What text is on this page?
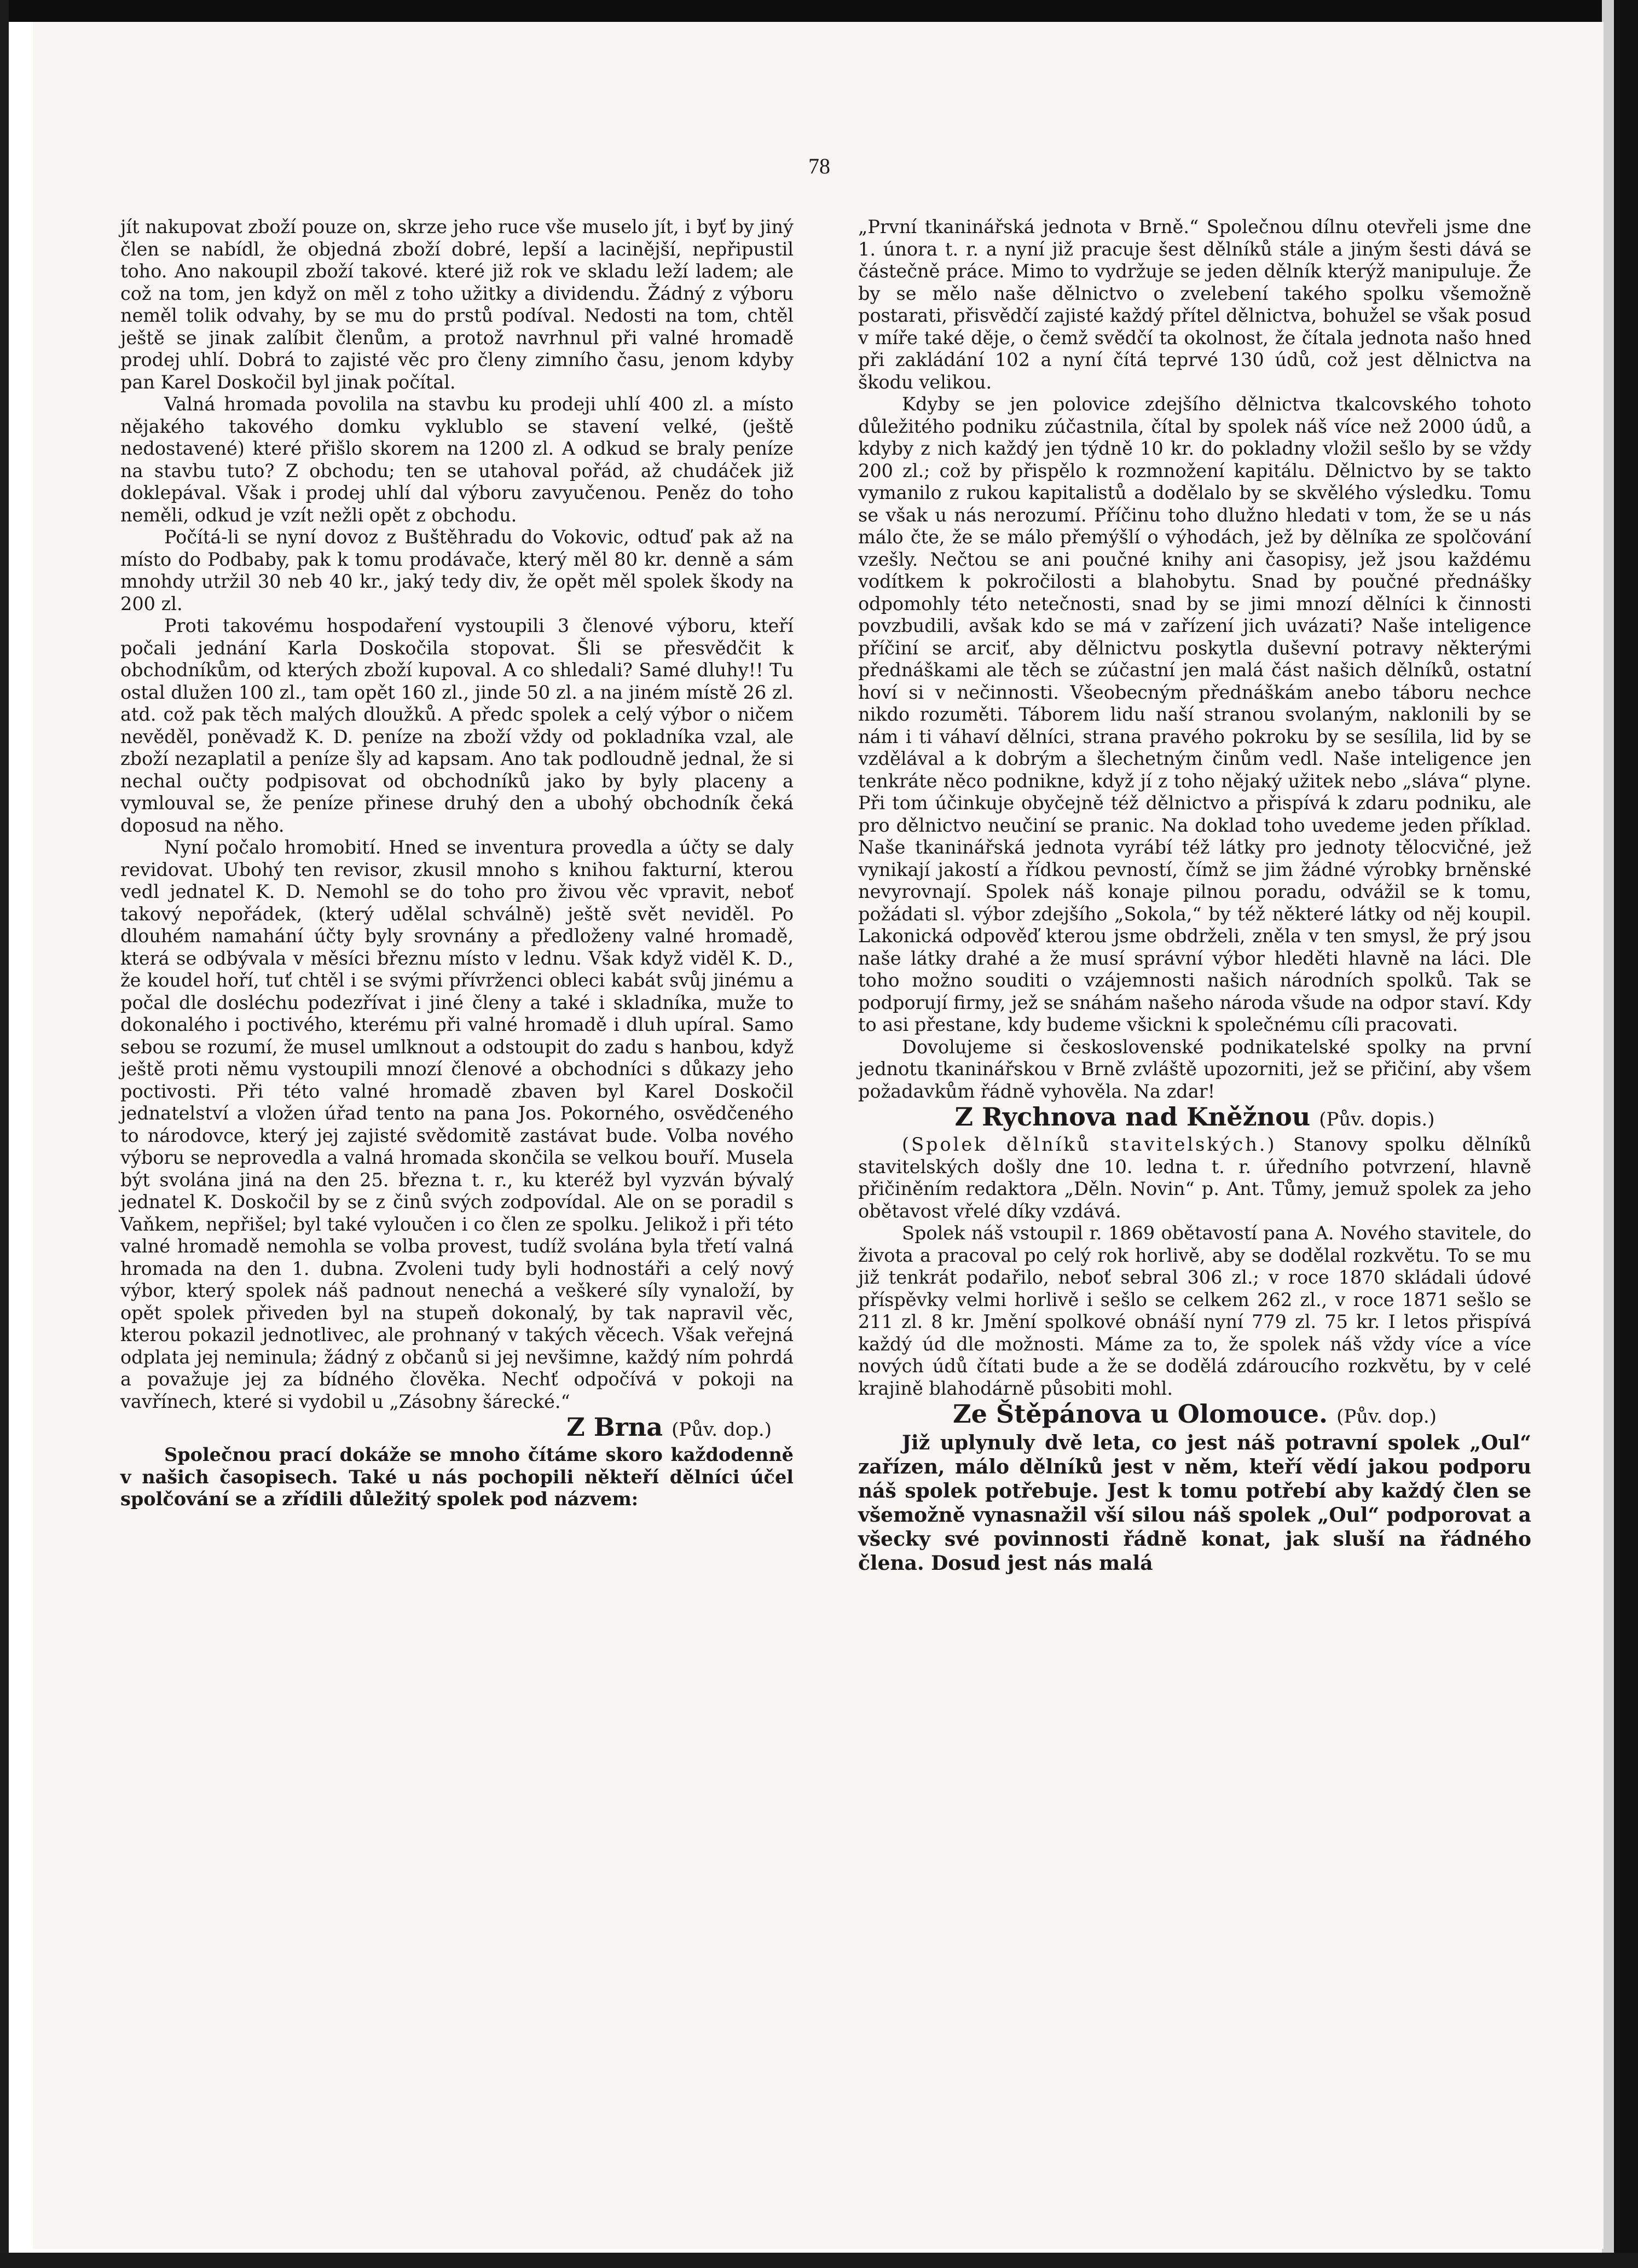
78

jít nakupovat zboží pouze on, skrze jeho ruce vše muselo jít, i byť by jiný člen se nabídl, že objedná zboží dobré, lepší a lacinější, nepřipustil toho. Ano nakoupil zboží takové. které již rok ve skladu leží ladem; ale což na tom, jen když on měl z toho užitky a dividendu. Žádný z výboru neměl tolik odvahy, by se mu do prstů podíval. Nedosti na tom, chtěl ještě se jinak zalíbit členům, a protož navrhnul při valné hromadě prodej uhlí. Dobrá to zajisté věc pro členy zimního času, jenom kdyby pan Karel Doskočil byl jinak počítal.

Valná hromada povolila na stavbu ku prodeji uhlí 400 zl. a místo nějakého takového domku vyklublo se stavení velké, (ještě nedostavené) které přišlo skorem na 1200 zl. A odkud se braly peníze na stavbu tuto? Z obchodu; ten se utahoval pořád, až chudáček již doklepával. Však i prodej uhlí dal výboru zavyučenou. Peněz do toho neměli, odkud je vzít nežli opět z obchodu.

Počítá-li se nyní dovoz z Buštěhradu do Vokovic, odtuď pak až na místo do Podbaby, pak k tomu prodávače, který měl 80 kr. denně a sám mnohdy utržil 30 neb 40 kr., jaký tedy div, že opět měl spolek škody na 200 zl.

Proti takovému hospodaření vystoupili 3 členové výboru, kteří počali jednání Karla Doskočila stopovat. Šli se přesvědčit k obchodníkům, od kterých zboží kupoval. A co shledali? Samé dluhy!! Tu ostal dlužen 100 zl., tam opět 160 zl., jinde 50 zl. a na jiném místě 26 zl. atd. což pak těch malých dloužků. A předc spolek a celý výbor o ničem nevěděl, poněvadž K. D. peníze na zboží vždy od pokladníka vzal, ale zboží nezaplatil a peníze šly ad kapsam. Ano tak podloudně jednal, že si nechal oučty podpisovat od obchodníků jako by byly placeny a vymlouval se, že peníze přinese druhý den a ubohý obchodník čeká doposud na něho.

Nyní počalo hromobití. Hned se inventura provedla a účty se daly revidovat. Ubohý ten revisor, zkusil mnoho s knihou fakturní, kterou vedl jednatel K. D. Nemohl se do toho pro živou věc vpravit, neboť takový nepořádek, (který udělal schválně) ještě svět neviděl. Po dlouhém namahání účty byly srovnány a předloženy valné hromadě, která se odbývala v měsíci březnu místo v lednu. Však když viděl K. D., že koudel hoří, tuť chtěl i se svými přívrženci obleci kabát svůj jinému a počal dle dosléchu podezřívat i jiné členy a také i skladníka, muže to dokonalého i poctivého, kterému při valné hromadě i dluh upíral. Samo sebou se rozumí, že musel umlknout a odstoupit do zadu s hanbou, když ještě proti němu vystoupili mnozí členové a obchodníci s důkazy jeho poctivosti. Při této valné hromadě zbaven byl Karel Doskočil jednatelství a vložen úřad tento na pana Jos. Pokorného, osvědčeného to národovce, který jej zajisté svědomitě zastávat bude. Volba nového výboru se neprovedla a valná hromada skončila se velkou bouří. Musela být svolána jiná na den 25. března t. r., ku kteréž byl vyzván bývalý jednatel K. Doskočil by se z činů svých zodpovídal. Ale on se poradil s Vaňkem, nepřišel; byl také vyloučen i co člen ze spolku. Jelikož i při této valné hromadě nemohla se volba provest, tudíž svolána byla třetí valná hromada na den 1. dubna. Zvoleni tudy byli hodnostáři a celý nový výbor, který spolek náš padnout nenechá a veškeré síly vynaloží, by opět spolek přiveden byl na stupeň dokonalý, by tak napravil věc, kterou pokazil jednotlivec, ale prohnaný v takých věcech. Však veřejná odplata jej neminula; žádný z občanů si jej nevšimne, každý ním pohrdá a považuje jej za bídného člověka. Nechť odpočívá v pokoji na vavřínech, které si vydobil u „Zásobny šárecké.“

Z Brna (Pův. dop.)

Společnou prací dokáže se mnoho čítáme skoro každodenně v našich časopisech. Také u nás pochopili někteří dělníci účel spolčování se a zřídili důležitý spolek pod názvem:

„První tkaninářská jednota v Brně.“ Společnou dílnu otevřeli jsme dne 1. února t. r. a nyní již pracuje šest dělníků stále a jiným šesti dává se částečně práce. Mimo to vydržuje se jeden dělník kterýž manipuluje. Že by se mělo naše dělnictvo o zvelebení takého spolku všemožně postarati, přisvědčí zajisté každý přítel dělnictva, bohužel se však posud v míře také děje, o čemž svědčí ta okolnost, že čítala jednota našo hned při zakládání 102 a nyní čítá teprvé 130 údů, což jest dělnictva na škodu velikou.

Kdyby se jen polovice zdejšího dělnictva tkalcovského tohoto důležitého podniku zúčastnila, čítal by spolek náš více než 2000 údů, a kdyby z nich každý jen týdně 10 kr. do pokladny vložil sešlo by se vždy 200 zl.; což by přispělo k rozmnožení kapitálu. Dělnictvo by se takto vymanilo z rukou kapitalistů a dodělalo by se skvělého výsledku. Tomu se však u nás nerozumí. Příčinu toho dlužno hledati v tom, že se u nás málo čte, že se málo přemýšlí o výhodách, jež by dělníka ze spolčování vzešly. Nečtou se ani poučné knihy ani časopisy, jež jsou každému vodítkem k pokročilosti a blahobytu. Snad by poučné přednášky odpomohly této netečnosti, snad by se jimi mnozí dělníci k činnosti povzbudili, avšak kdo se má v zařízení jich uvázati? Naše inteligence příčiní se arciť, aby dělnictvu poskytla duševní potravy některými přednáškami ale těch se zúčastní jen malá část našich dělníků, ostatní hoví si v nečinnosti. Všeobecným přednáškám anebo táboru nechce nikdo rozuměti. Táborem lidu naší stranou svolaným, naklonili by se nám i ti váhaví dělníci, strana pravého pokroku by se sesílila, lid by se vzdělával a k dobrým a šlechetným činům vedl. Naše inteligence jen tenkráte něco podnikne, když jí z toho nějaký užitek nebo „sláva“ plyne. Při tom účinkuje obyčejně též dělnictvo a přispívá k zdaru podniku, ale pro dělnictvo neučiní se pranic. Na doklad toho uvedeme jeden příklad. Naše tkaninářská jednota vyrábí též látky pro jednoty tělocvičné, jež vynikají jakostí a řídkou pevností, čímž se jim žádné výrobky brněnské nevyrovnají. Spolek náš konaje pilnou poradu, odvážil se k tomu, požádati sl. výbor zdejšího „Sokola,“ by též některé látky od něj koupil. Lakonická odpověď kterou jsme obdrželi, zněla v ten smysl, že prý jsou naše látky drahé a že musí správní výbor hleděti hlavně na láci. Dle toho možno souditi o vzájemnosti našich národních spolků. Tak se podporují firmy, jež se snáhám našeho národa všude na odpor staví. Kdy to asi přestane, kdy budeme všickni k společnému cíli pracovati.

Dovolujeme si československé podnikatelské spolky na první jednotu tkaninářskou v Brně zvláště upozorniti, jež se přičiní, aby všem požadavkům řádně vyhověla. Na zdar!

Z Rychnova nad Kněžnou (Pův. dopis.)

(Spolek dělníků stavitelských.) Stanovy spolku dělníků stavitelských došly dne 10. ledna t. r. úředního potvrzení, hlavně přičiněním redaktora „Děln. Novin“ p. Ant. Tůmy, jemuž spolek za jeho obětavost vřelé díky vzdává.

Spolek náš vstoupil r. 1869 obětavostí pana A. Nového stavitele, do života a pracoval po celý rok horlivě, aby se dodělal rozkvětu. To se mu již tenkrát podařilo, neboť sebral 306 zl.; v roce 1870 skládali údové příspěvky velmi horlivě i sešlo se celkem 262 zl., v roce 1871 sešlo se 211 zl. 8 kr. Jmění spolkové obnáší nyní 779 zl. 75 kr. I letos přispívá každý úd dle možnosti. Máme za to, že spolek náš vždy více a více nových údů čítati bude a že se dodělá zdároucího rozkvětu, by v celé krajině blahodárně působiti mohl.

Ze Štěpánova u Olomouce. (Pův. dop.)

Již uplynuly dvě leta, co jest náš potravní spolek „Oul“ zařízen, málo dělníků jest v něm, kteří vědí jakou podporu náš spolek potřebuje. Jest k tomu potřebí aby každý člen se všemožně vynasnažil vší silou náš spolek „Oul“ podporovat a všecky své povinnosti řádně konat, jak sluší na řádného člena. Dosud jest nás malá
